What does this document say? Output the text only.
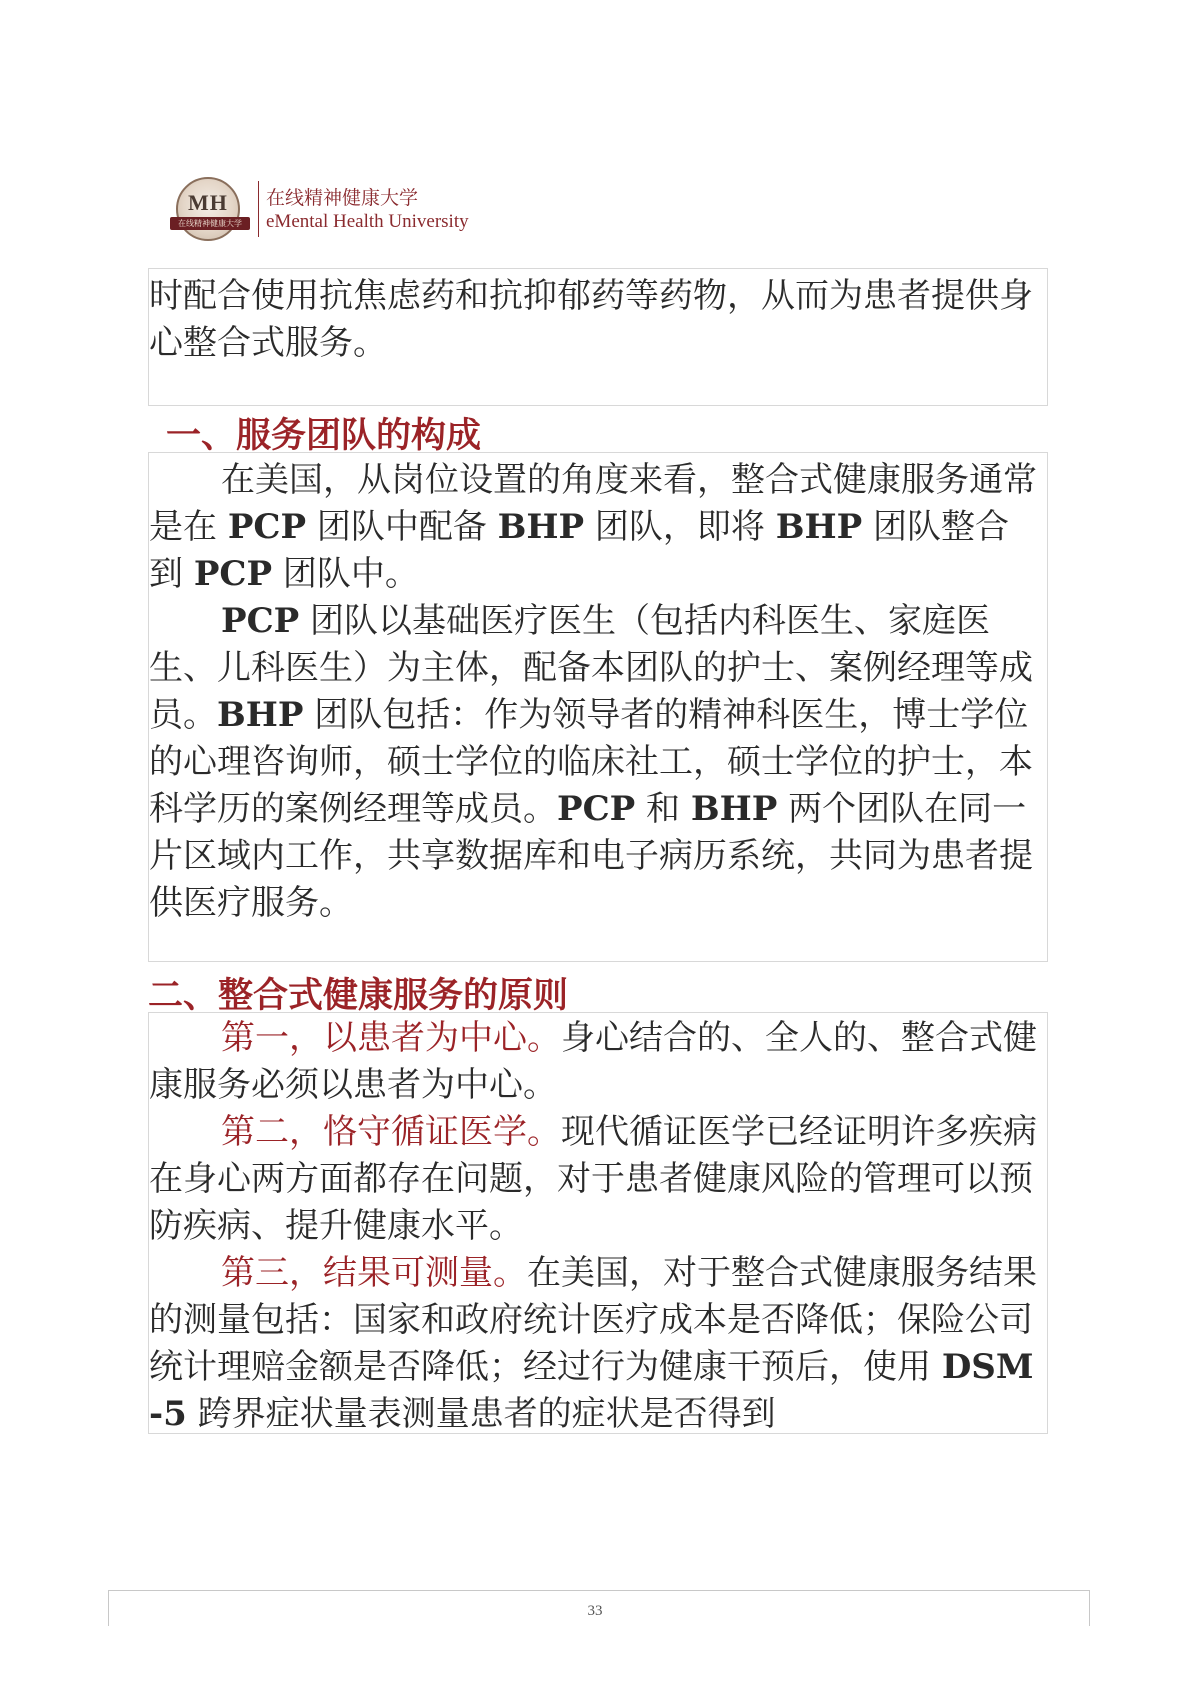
MH
在线精神健康大学
在线精神健康大学
eMental Health University

时配合使用抗焦虑药和抗抑郁药等药物，从而为患者提供身心整合式服务。

一、服务团队的构成

在美国，从岗位设置的角度来看，整合式健康服务通常是在 PCP 团队中配备 BHP 团队，即将 BHP 团队整合到 PCP 团队中。

PCP 团队以基础医疗医生（包括内科医生、家庭医生、儿科医生）为主体，配备本团队的护士、案例经理等成员。BHP 团队包括：作为领导者的精神科医生，博士学位的心理咨询师，硕士学位的临床社工，硕士学位的护士，本科学历的案例经理等成员。PCP 和 BHP 两个团队在同一片区域内工作，共享数据库和电子病历系统，共同为患者提供医疗服务。

二、整合式健康服务的原则

第一，以患者为中心。身心结合的、全人的、整合式健康服务必须以患者为中心。

第二，恪守循证医学。现代循证医学已经证明许多疾病在身心两方面都存在问题，对于患者健康风险的管理可以预防疾病、提升健康水平。

第三，结果可测量。在美国，对于整合式健康服务结果的测量包括：国家和政府统计医疗成本是否降低；保险公司统计理赔金额是否降低；经过行为健康干预后，使用 DSM-5 跨界症状量表测量患者的症状是否得到

33
